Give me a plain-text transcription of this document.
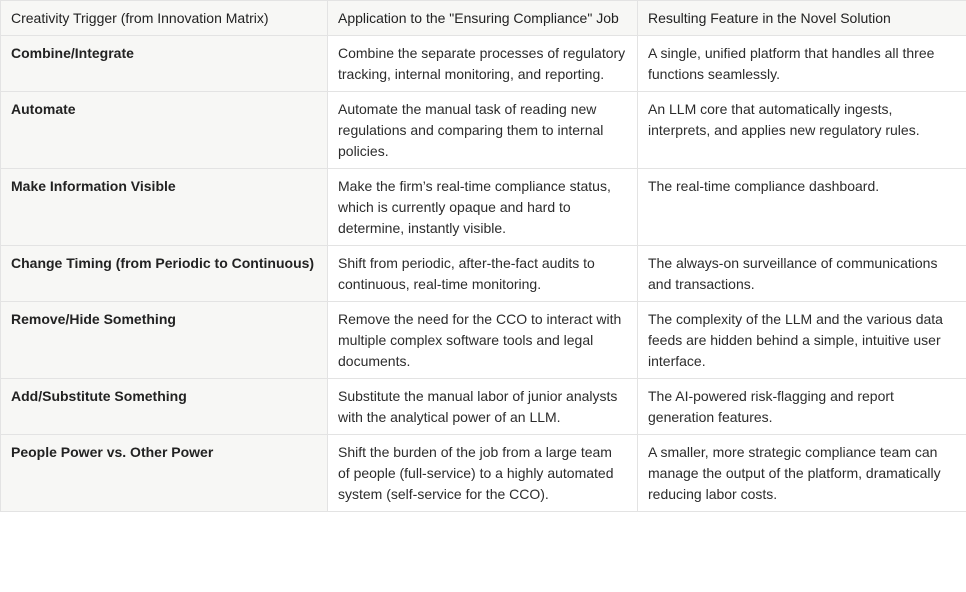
Creativity Trigger (from Innovation Matrix)	Application to the "Ensuring Compliance" Job	Resulting Feature in the Novel Solution
Combine/Integrate	Combine the separate processes of regulatory tracking, internal monitoring, and reporting.	A single, unified platform that handles all three functions seamlessly.
Automate	Automate the manual task of reading new regulations and comparing them to internal policies.	An LLM core that automatically ingests, interprets, and applies new regulatory rules.
Make Information Visible	Make the firm’s real-time compliance status, which is currently opaque and hard to determine, instantly visible.	The real-time compliance dashboard.
Change Timing (from Periodic to Continuous)	Shift from periodic, after-the-fact audits to continuous, real-time monitoring.	The always-on surveillance of communications and transactions.
Remove/Hide Something	Remove the need for the CCO to interact with multiple complex software tools and legal documents.	The complexity of the LLM and the various data feeds are hidden behind a simple, intuitive user interface.
Add/Substitute Something	Substitute the manual labor of junior analysts with the analytical power of an LLM.	The AI-powered risk-flagging and report generation features.
People Power vs. Other Power	Shift the burden of the job from a large team of people (full-service) to a highly automated system (self-service for the CCO).	A smaller, more strategic compliance team can manage the output of the platform, dramatically reducing labor costs.
